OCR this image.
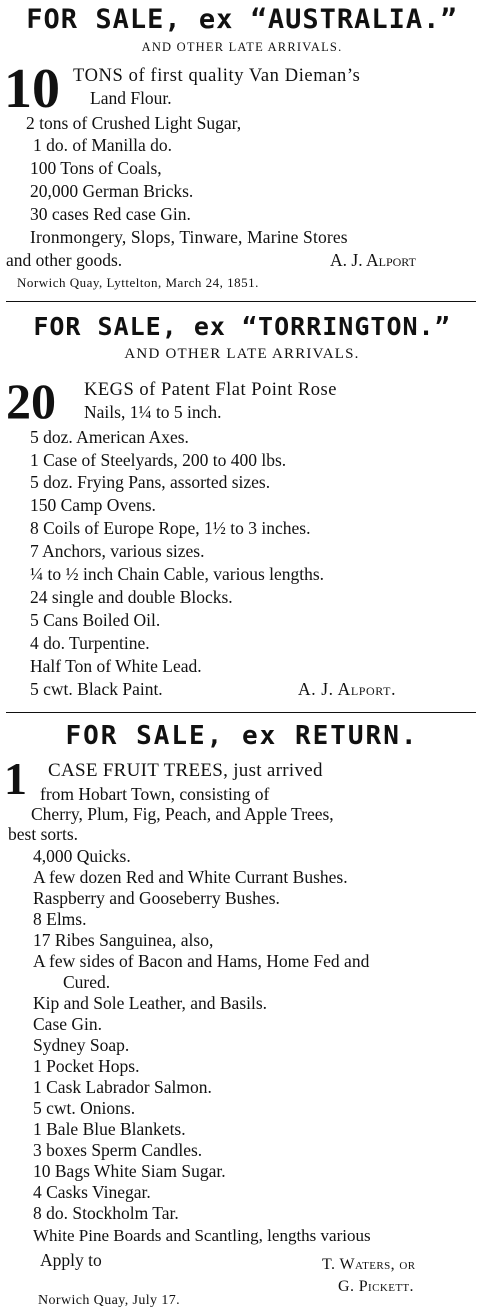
FOR SALE, ex “AUSTRALIA.”
AND OTHER LATE ARRIVALS.
10 TONS of first quality Van Dieman’s
Land Flour.
2 tons of Crushed Light Sugar,
1 do. of Manilla do.
100 Tons of Coals,
20,000 German Bricks.
30 cases Red case Gin.
Ironmongery, Slops, Tinware, Marine Stores
and other goods.	A. J. Alport
Norwich Quay, Lyttelton, March 24, 1851.
FOR SALE, ex “TORRINGTON.”
AND OTHER LATE ARRIVALS.
20 KEGS of Patent Flat Point Rose
Nails, 1¼ to 5 inch.
5 doz. American Axes.
1 Case of Steelyards, 200 to 400 lbs.
5 doz. Frying Pans, assorted sizes.
150 Camp Ovens.
8 Coils of Europe Rope, 1½ to 3 inches.
7 Anchors, various sizes.
¼ to ½ inch Chain Cable, various lengths.
24 single and double Blocks.
5 Cans Boiled Oil.
4 do. Turpentine.
Half Ton of White Lead.
5 cwt. Black Paint.	A. J. Alport.
FOR SALE, ex RETURN.
1 CASE FRUIT TREES, just arrived
from Hobart Town, consisting of
Cherry, Plum, Fig, Peach, and Apple Trees,
best sorts.
4,000 Quicks.
A few dozen Red and White Currant Bushes.
Raspberry and Gooseberry Bushes.
8 Elms.
17 Ribes Sanguinea, also,
A few sides of Bacon and Hams, Home Fed and
Cured.
Kip and Sole Leather, and Basils.
Case Gin.
Sydney Soap.
1 Pocket Hops.
1 Cask Labrador Salmon.
5 cwt. Onions.
1 Bale Blue Blankets.
3 boxes Sperm Candles.
10 Bags White Siam Sugar.
4 Casks Vinegar.
8 do. Stockholm Tar.
White Pine Boards and Scantling, lengths various
Apply to	T. Waters, or
G. Pickett.
Norwich Quay, July 17.
